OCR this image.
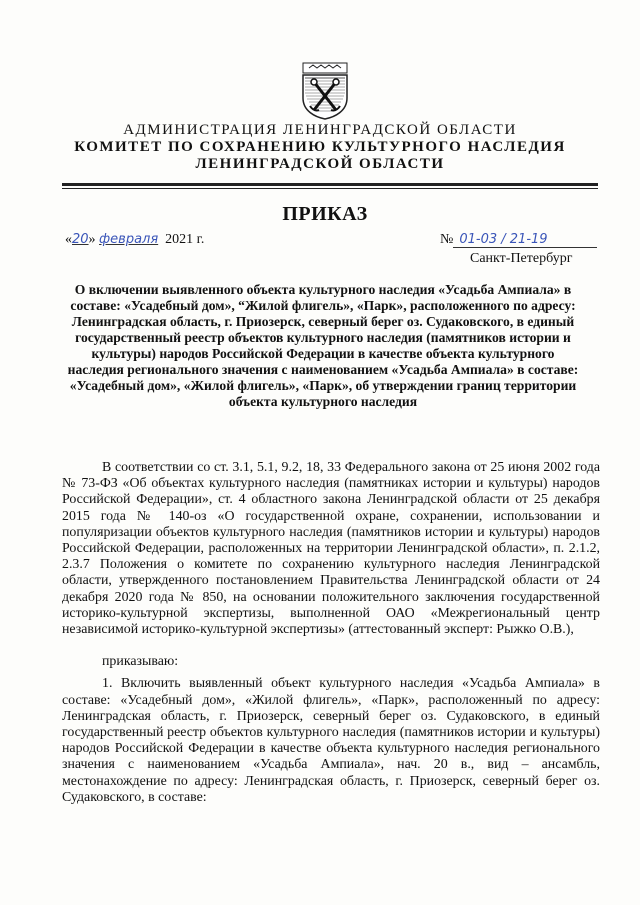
АДМИНИСТРАЦИЯ ЛЕНИНГРАДСКОЙ ОБЛАСТИ
КОМИТЕТ ПО СОХРАНЕНИЮ КУЛЬТУРНОГО НАСЛЕДИЯ
ЛЕНИНГРАДСКОЙ ОБЛАСТИ
ПРИКАЗ
«20» февраля 2021 г.	№ 01-03 / 21-19
Санкт-Петербург
О включении выявленного объекта культурного наследия «Усадьба Ампиала» в составе: «Усадебный дом», “Жилой флигель», «Парк», расположенного по адресу: Ленинградская область, г. Приозерск, северный берег оз. Судаковского, в единый государственный реестр объектов культурного наследия (памятников истории и культуры) народов Российской Федерации в качестве объекта культурного наследия регионального значения с наименованием «Усадьба Ампиала» в составе: «Усадебный дом», «Жилой флигель», «Парк», об утверждении границ территории объекта культурного наследия

В соответствии со ст. 3.1, 5.1, 9.2, 18, 33 Федерального закона от 25 июня 2002 года № 73-ФЗ «Об объектах культурного наследия (памятниках истории и культуры) народов Российской Федерации», ст. 4 областного закона Ленинградской области от 25 декабря 2015 года № 140-оз «О государственной охране, сохранении, использовании и популяризации объектов культурного наследия (памятников истории и культуры) народов Российской Федерации, расположенных на территории Ленинградской области», п. 2.1.2, 2.3.7 Положения о комитете по сохранению культурного наследия Ленинградской области, утвержденного постановлением Правительства Ленинградской области от 24 декабря 2020 года № 850, на основании положительного заключения государственной историко-культурной экспертизы, выполненной ОАО «Межрегиональный центр независимой историко-культурной экспертизы» (аттестованный эксперт: Рыжко О.В.),

приказываю:

1. Включить выявленный объект культурного наследия «Усадьба Ампиала» в составе: «Усадебный дом», «Жилой флигель», «Парк», расположенный по адресу: Ленинградская область, г. Приозерск, северный берег оз. Судаковского, в единый государственный реестр объектов культурного наследия (памятников истории и культуры) народов Российской Федерации в качестве объекта культурного наследия регионального значения с наименованием «Усадьба Ампиала», нач. 20 в., вид – ансамбль, местонахождение по адресу: Ленинградская область, г. Приозерск, северный берег оз. Судаковского, в составе:
